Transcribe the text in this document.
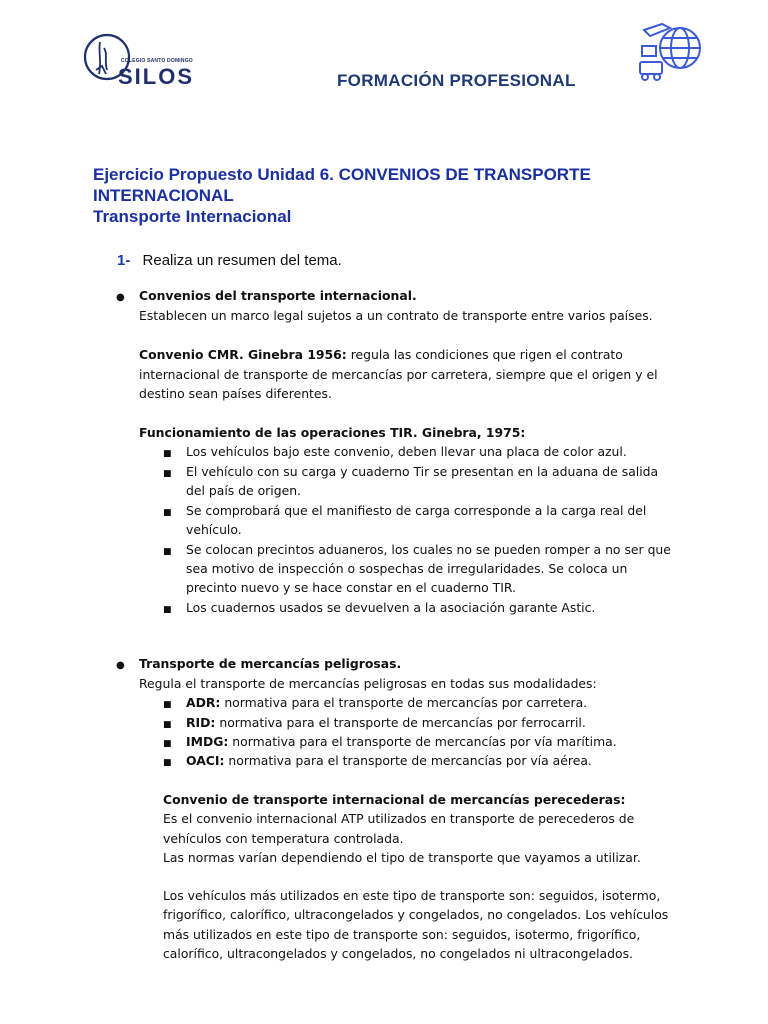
COLEGIO SANTO DOMINGO
SILOS	FORMACIÓN PROFESIONAL
Ejercicio Propuesto Unidad 6. CONVENIOS DE TRANSPORTE
INTERNACIONAL
Transporte Internacional
1- Realiza un resumen del tema.
● Convenios del transporte internacional.
Establecen un marco legal sujetos a un contrato de transporte entre varios países.
Convenio CMR. Ginebra 1956: regula las condiciones que rigen el contrato
internacional de transporte de mercancías por carretera, siempre que el origen y el
destino sean países diferentes.
Funcionamiento de las operaciones TIR. Ginebra, 1975:
■ Los vehículos bajo este convenio, deben llevar una placa de color azul.
■ El vehículo con su carga y cuaderno Tir se presentan en la aduana de salida
del país de origen.
■ Se comprobará que el manifiesto de carga corresponde a la carga real del
vehículo.
■ Se colocan precintos aduaneros, los cuales no se pueden romper a no ser que
sea motivo de inspección o sospechas de irregularidades. Se coloca un
precinto nuevo y se hace constar en el cuaderno TIR.
■ Los cuadernos usados se devuelven a la asociación garante Astic.
● Transporte de mercancías peligrosas.
Regula el transporte de mercancías peligrosas en todas sus modalidades:
■ ADR: normativa para el transporte de mercancías por carretera.
■ RID: normativa para el transporte de mercancías por ferrocarril.
■ IMDG: normativa para el transporte de mercancías por vía marítima.
■ OACI: normativa para el transporte de mercancías por vía aérea.
Convenio de transporte internacional de mercancías perecederas:
Es el convenio internacional ATP utilizados en transporte de perecederos de
vehículos con temperatura controlada.
Las normas varían dependiendo el tipo de transporte que vayamos a utilizar.
Los vehículos más utilizados en este tipo de transporte son: seguidos, isotermo,
frigorífico, calorífico, ultracongelados y congelados, no congelados. Los vehículos
más utilizados en este tipo de transporte son: seguidos, isotermo, frigorífico,
calorífico, ultracongelados y congelados, no congelados ni ultracongelados.
